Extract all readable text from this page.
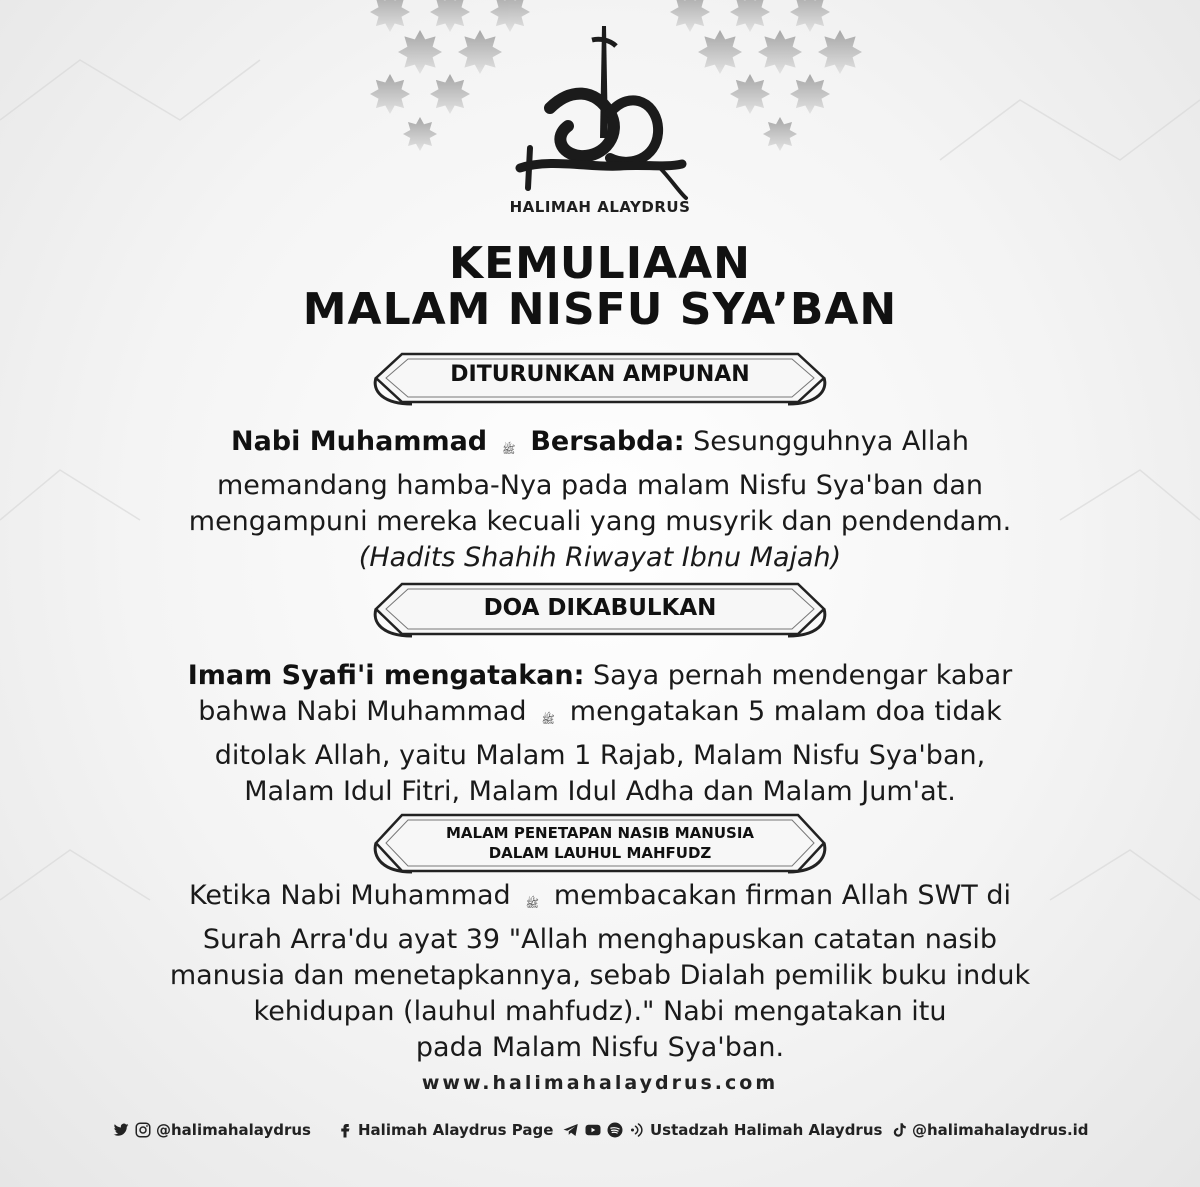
HALIMAH ALAYDRUS
KEMULIAAN
MALAM NISFU SYA’BAN
DITURUNKAN AMPUNAN
Nabi Muhammad ﷺ Bersabda: Sesungguhnya Allah
memandang hamba-Nya pada malam Nisfu Sya'ban dan
mengampuni mereka kecuali yang musyrik dan pendendam.
(Hadits Shahih Riwayat Ibnu Majah)
DOA DIKABULKAN
Imam Syafi'i mengatakan: Saya pernah mendengar kabar
bahwa Nabi Muhammad ﷺ mengatakan 5 malam doa tidak
ditolak Allah, yaitu Malam 1 Rajab, Malam Nisfu Sya'ban,
Malam Idul Fitri, Malam Idul Adha dan Malam Jum'at.
MALAM PENETAPAN NASIB MANUSIA
DALAM LAUHUL MAHFUDZ
Ketika Nabi Muhammad ﷺ membacakan firman Allah SWT di
Surah Arra'du ayat 39 "Allah menghapuskan catatan nasib
manusia dan menetapkannya, sebab Dialah pemilik buku induk
kehidupan (lauhul mahfudz)." Nabi mengatakan itu
pada Malam Nisfu Sya'ban.
www.halimahalaydrus.com
@halimahalaydrus	Halimah Alaydrus Page	Ustadzah Halimah Alaydrus @halimahalaydrus.id
